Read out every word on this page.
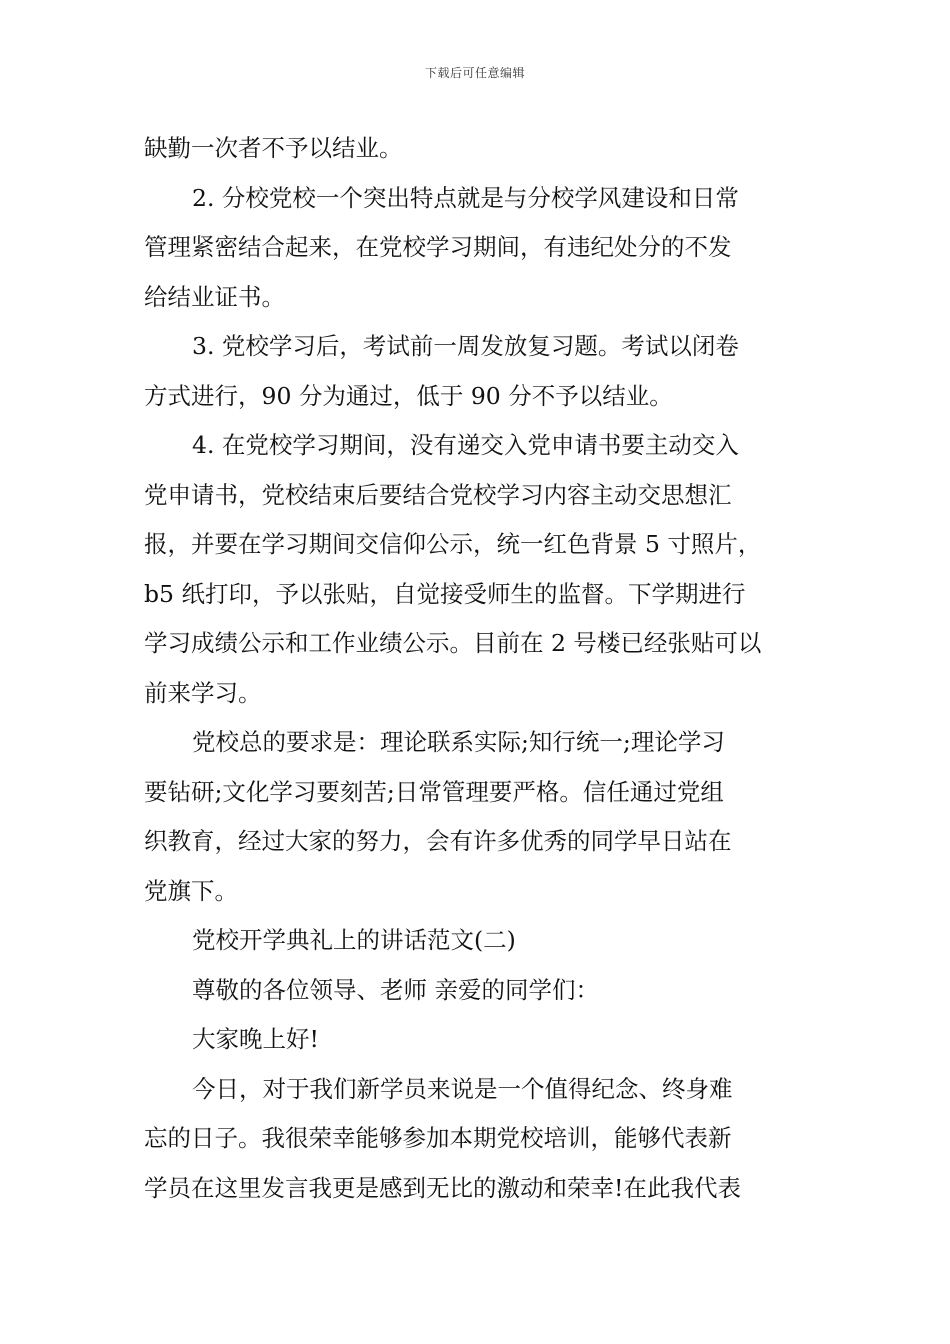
下载后可任意编辑
缺勤一次者不予以结业。
2. 分校党校一个突出特点就是与分校学风建设和日常
管理紧密结合起来，在党校学习期间，有违纪处分的不发
给结业证书。
3. 党校学习后，考试前一周发放复习题。考试以闭卷
方式进行，90 分为通过，低于 90 分不予以结业。
4. 在党校学习期间，没有递交入党申请书要主动交入
党申请书，党校结束后要结合党校学习内容主动交思想汇
报，并要在学习期间交信仰公示，统一红色背景 5 寸照片，
b5 纸打印，予以张贴，自觉接受师生的监督。下学期进行
学习成绩公示和工作业绩公示。目前在 2 号楼已经张贴可以
前来学习。
党校总的要求是：理论联系实际;知行统一;理论学习
要钻研;文化学习要刻苦;日常管理要严格。信任通过党组
织教育，经过大家的努力，会有许多优秀的同学早日站在
党旗下。
党校开学典礼上的讲话范文(二)
尊敬的各位领导、老师 亲爱的同学们：
大家晚上好!
今日，对于我们新学员来说是一个值得纪念、终身难
忘的日子。我很荣幸能够参加本期党校培训，能够代表新
学员在这里发言我更是感到无比的激动和荣幸!在此我代表
